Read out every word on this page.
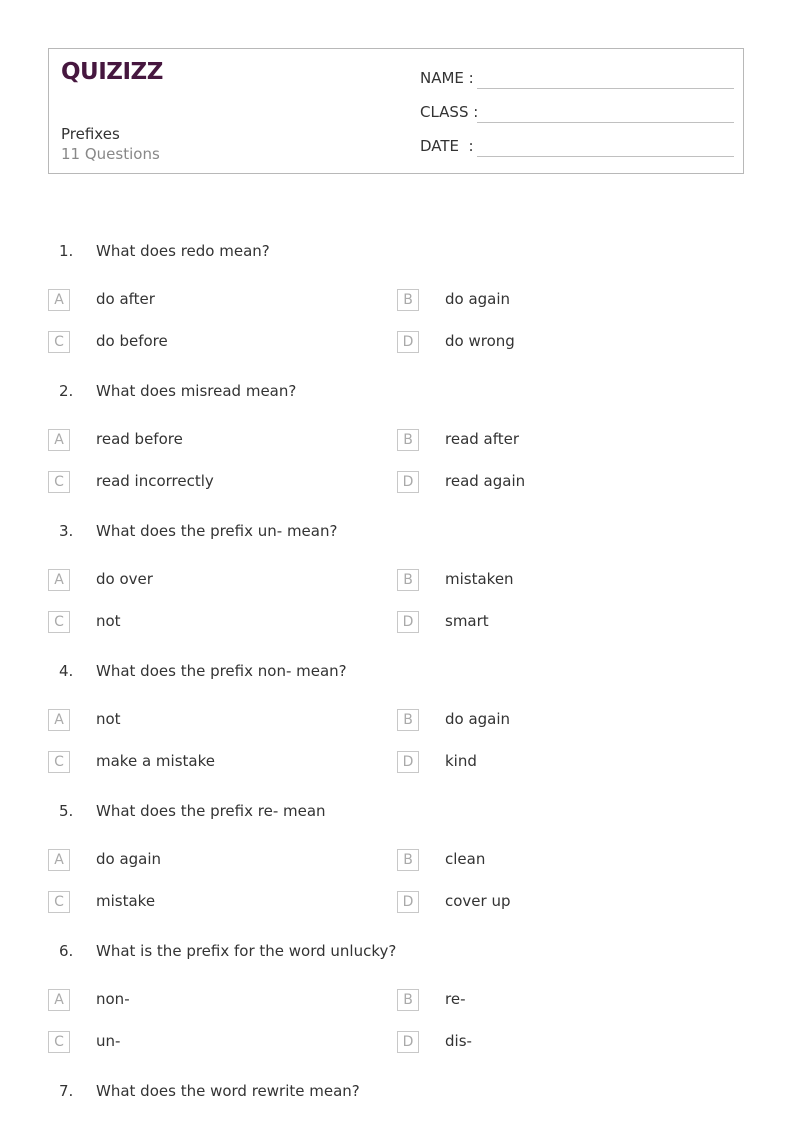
QUIZIZZ
Prefixes
11 Questions
NAME :
CLASS :
DATE  :
1. What does redo mean?
A	do after	B	do again
C	do before	D	do wrong
2. What does misread mean?
A	read before	B	read after
C	read incorrectly	D	read again
3. What does the prefix un- mean?
A	do over	B	mistaken
C	not	D	smart
4. What does the prefix non- mean?
A	not	B	do again
C	make a mistake	D	kind
5. What does the prefix re- mean
A	do again	B	clean
C	mistake	D	cover up
6. What is the prefix for the word unlucky?
A	non-	B	re-
C	un-	D	dis-
7. What does the word rewrite mean?
